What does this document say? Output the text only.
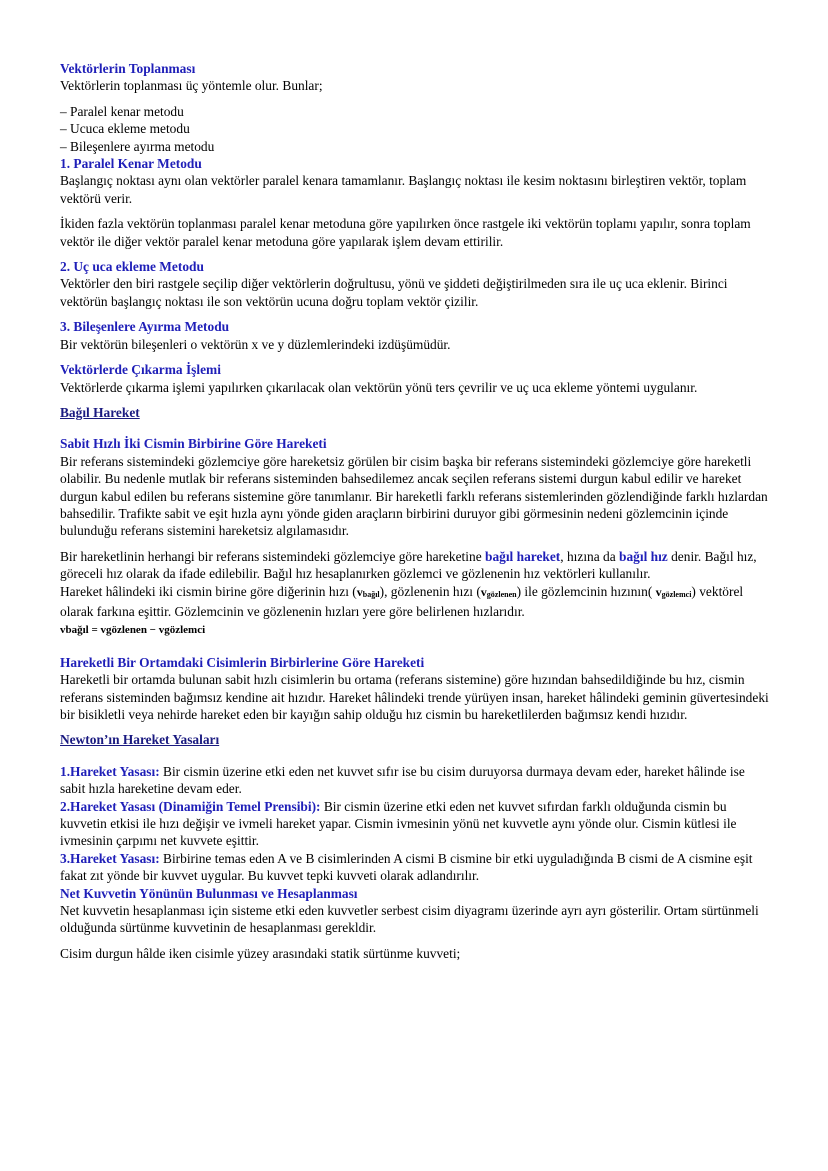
Vektörlerin Toplanması

Vektörlerin toplanması üç yöntemle olur. Bunlar;

– Paralel kenar metodu

– Ucuca ekleme metodu

– Bileşenlere ayırma metodu

1. Paralel Kenar Metodu

Başlangıç noktası aynı olan vektörler paralel kenara tamamlanır. Başlangıç noktası ile kesim noktasını birleştiren vektör, toplam vektörü verir.

İkiden fazla vektörün toplanması paralel kenar metoduna göre yapılırken önce rastgele iki vektörün toplamı yapılır, sonra toplam vektör ile diğer vektör paralel kenar metoduna göre yapılarak işlem devam ettirilir.

2. Uç uca ekleme Metodu

Vektörler den biri rastgele seçilip diğer vektörlerin doğrultusu, yönü ve şiddeti değiştirilmeden sıra ile uç uca eklenir. Birinci vektörün başlangıç noktası ile son vektörün ucuna doğru toplam vektör çizilir.

3. Bileşenlere Ayırma Metodu

Bir vektörün bileşenleri o vektörün x ve y düzlemlerindeki izdüşümüdür.

Vektörlerde Çıkarma İşlemi

Vektörlerde çıkarma işlemi yapılırken çıkarılacak olan vektörün yönü ters çevrilir ve uç uca ekleme yöntemi uygulanır.

Bağıl Hareket
Sabit Hızlı İki Cismin Birbirine Göre Hareketi

Bir referans sistemindeki gözlemciye göre hareketsiz görülen bir cisim başka bir referans sistemindeki gözlemciye göre hareketli olabilir. Bu nedenle mutlak bir referans sisteminden bahsedilemez ancak seçilen referans sistemi durgun kabul edilir ve hareket durgun kabul edilen bu referans sistemine göre tanımlanır. Bir hareketli farklı referans sistemlerinden gözlendiğinde farklı hızlardan bahsedilir. Trafikte sabit ve eşit hızla aynı yönde giden araçların birbirini duruyor gibi görmesinin nedeni gözlemcinin içinde bulunduğu referans sistemini hareketsiz algılamasıdır.

Bir hareketlinin herhangi bir referans sistemindeki gözlemciye göre hareketine bağıl hareket, hızına da bağıl hız denir. Bağıl hız, göreceli hız olarak da ifade edilebilir. Bağıl hız hesaplanırken gözlemci ve gözlenenin hız vektörleri kullanılır.

Hareket hâlindeki iki cismin birine göre diğerinin hızı (vbağıl), gözlenenin hızı (vgözlenen) ile gözlemcinin hızının( vgözlemci) vektörel olarak farkına eşittir. Gözlemcinin ve gözlenenin hızları yere göre belirlenen hızlarıdır.

vbağıl = vgözlenen − vgözlemci

Hareketli Bir Ortamdaki Cisimlerin Birbirlerine Göre Hareketi

Hareketli bir ortamda bulunan sabit hızlı cisimlerin bu ortama (referans sistemine) göre hızından bahsedildiğinde bu hız, cismin referans sisteminden bağımsız kendine ait hızıdır. Hareket hâlindeki trende yürüyen insan, hareket hâlindeki geminin güvertesindeki bir bisikletli veya nehirde hareket eden bir kayığın sahip olduğu hız cismin bu hareketlilerden bağımsız kendi hızıdır.

Newton’ın Hareket Yasaları

1.Hareket Yasası: Bir cismin üzerine etki eden net kuvvet sıfır ise bu cisim duruyorsa durmaya devam eder, hareket hâlinde ise sabit hızla hareketine devam eder.

2.Hareket Yasası (Dinamiğin Temel Prensibi): Bir cismin üzerine etki eden net kuvvet sıfırdan farklı olduğunda cismin bu kuvvetin etkisi ile hızı değişir ve ivmeli hareket yapar. Cismin ivmesinin yönü net kuvvetle aynı yönde olur. Cismin kütlesi ile

ivmesinin çarpımı net kuvvete eşittir.

3.Hareket Yasası: Birbirine temas eden A ve B cisimlerinden A cismi B cismine bir etki uyguladığında B cismi de A cismine eşit fakat zıt yönde bir kuvvet uygular. Bu kuvvet tepki kuvveti olarak adlandırılır.

Net Kuvvetin Yönünün Bulunması ve Hesaplanması

Net kuvvetin hesaplanması için sisteme etki eden kuvvetler serbest cisim diyagramı üzerinde ayrı ayrı gösterilir. Ortam sürtünmeli olduğunda sürtünme kuvvetinin de hesaplanması gerekldir.

Cisim durgun hâlde iken cisimle yüzey arasındaki statik sürtünme kuvveti;
